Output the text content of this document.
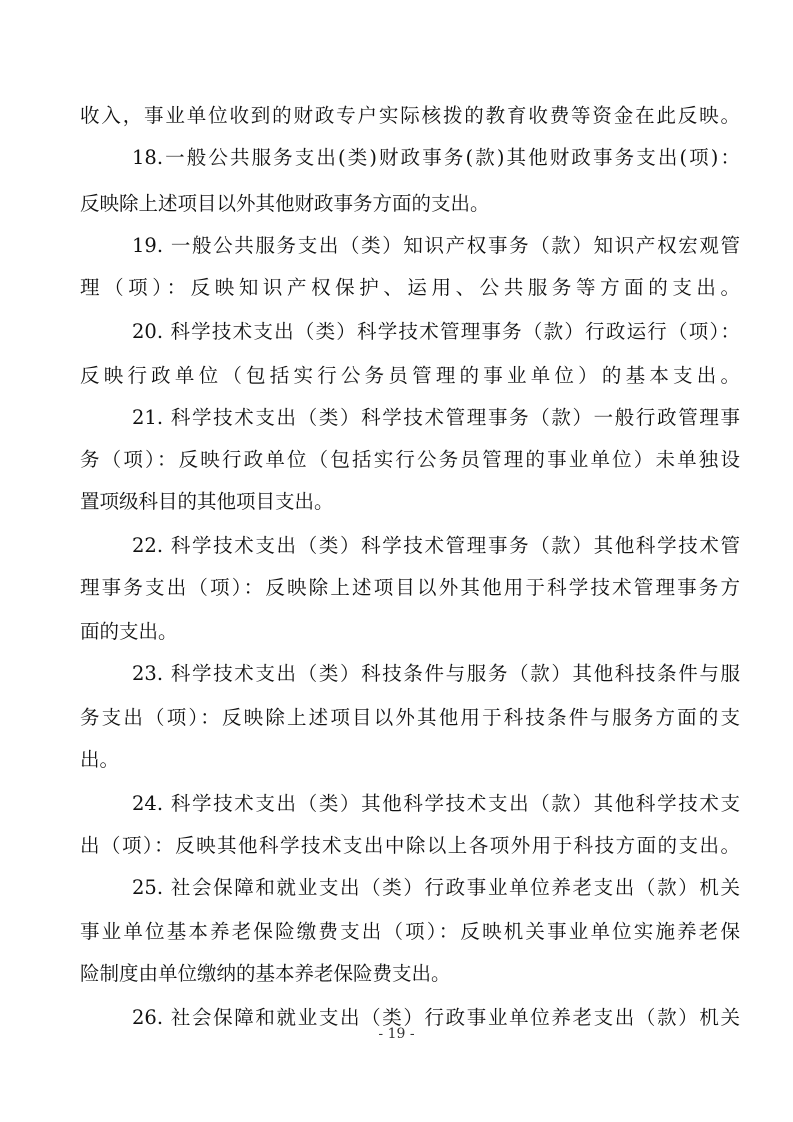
收入，事业单位收到的财政专户实际核拨的教育收费等资金在此反映。
18.一般公共服务支出(类)财政事务(款)其他财政事务支出(项)：
反映除上述项目以外其他财政事务方面的支出。
19. 一般公共服务支出（类）知识产权事务（款）知识产权宏观管
理（项）：反映知识产权保护、运用、公共服务等方面的支出。
20. 科学技术支出（类）科学技术管理事务（款）行政运行（项）：
反映行政单位（包括实行公务员管理的事业单位）的基本支出。
21. 科学技术支出（类）科学技术管理事务（款）一般行政管理事
务（项）：反映行政单位（包括实行公务员管理的事业单位）未单独设
置项级科目的其他项目支出。
22. 科学技术支出（类）科学技术管理事务（款）其他科学技术管
理事务支出（项）：反映除上述项目以外其他用于科学技术管理事务方
面的支出。
23. 科学技术支出（类）科技条件与服务（款）其他科技条件与服
务支出（项）：反映除上述项目以外其他用于科技条件与服务方面的支
出。
24. 科学技术支出（类）其他科学技术支出（款）其他科学技术支
出（项）：反映其他科学技术支出中除以上各项外用于科技方面的支出。
25. 社会保障和就业支出（类）行政事业单位养老支出（款）机关
事业单位基本养老保险缴费支出（项）：反映机关事业单位实施养老保
险制度由单位缴纳的基本养老保险费支出。
26. 社会保障和就业支出（类）行政事业单位养老支出（款）机关
- 19 -
